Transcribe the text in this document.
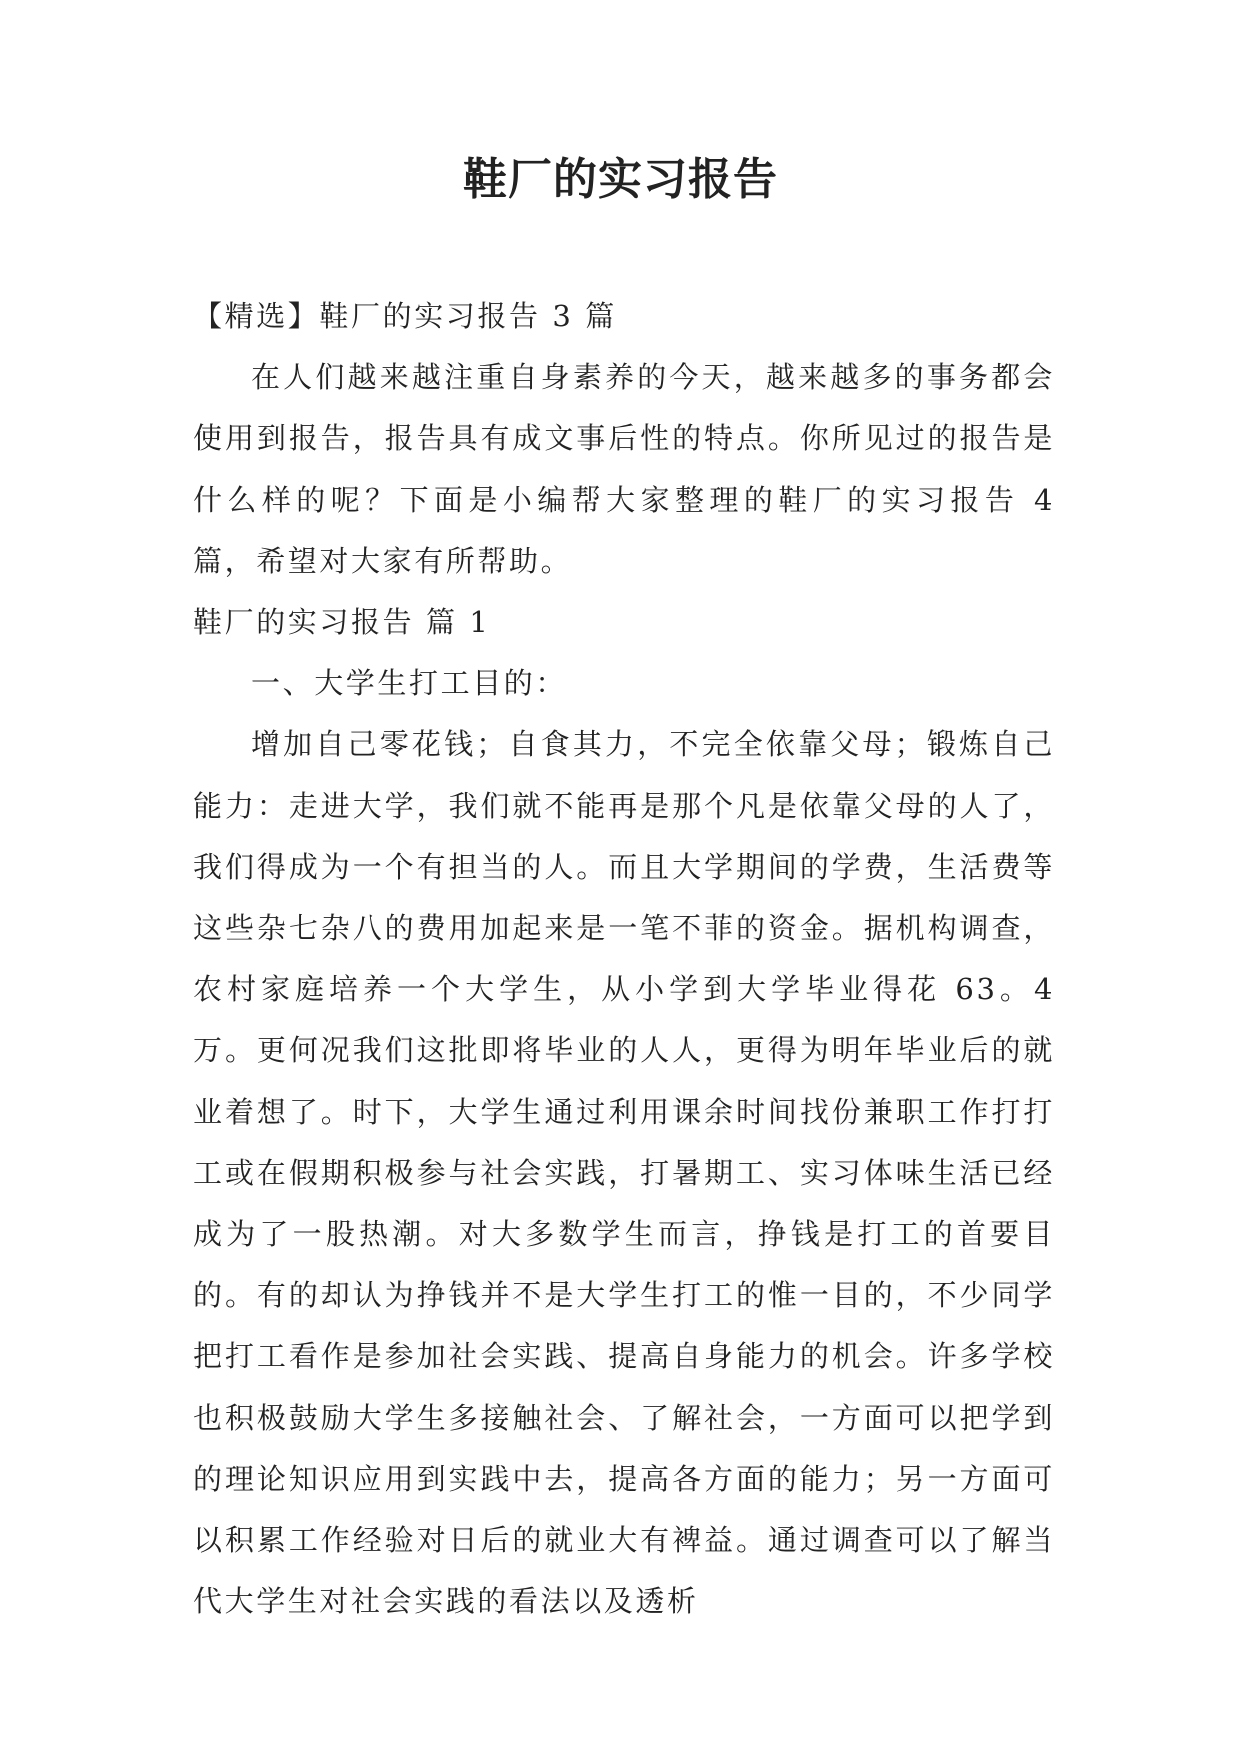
鞋厂的实习报告

【精选】鞋厂的实习报告 3 篇

在人们越来越注重自身素养的今天，越来越多的事务都会使用到报告，报告具有成文事后性的特点。你所见过的报告是什么样的呢？下面是小编帮大家整理的鞋厂的实习报告 4 篇，希望对大家有所帮助。

鞋厂的实习报告 篇 1

一、大学生打工目的：

增加自己零花钱；自食其力，不完全依靠父母；锻炼自己能力：走进大学，我们就不能再是那个凡是依靠父母的人了，我们得成为一个有担当的人。而且大学期间的学费，生活费等这些杂七杂八的费用加起来是一笔不菲的资金。据机构调查，农村家庭培养一个大学生，从小学到大学毕业得花 63。4 万。更何况我们这批即将毕业的人人，更得为明年毕业后的就业着想了。时下，大学生通过利用课余时间找份兼职工作打打工或在假期积极参与社会实践，打暑期工、实习体味生活已经成为了一股热潮。对大多数学生而言，挣钱是打工的首要目的。有的却认为挣钱并不是大学生打工的惟一目的，不少同学把打工看作是参加社会实践、提高自身能力的机会。许多学校也积极鼓励大学生多接触社会、了解社会，一方面可以把学到的理论知识应用到实践中去，提高各方面的能力；另一方面可以积累工作经验对日后的就业大有裨益。通过调查可以了解当代大学生对社会实践的看法以及透析
